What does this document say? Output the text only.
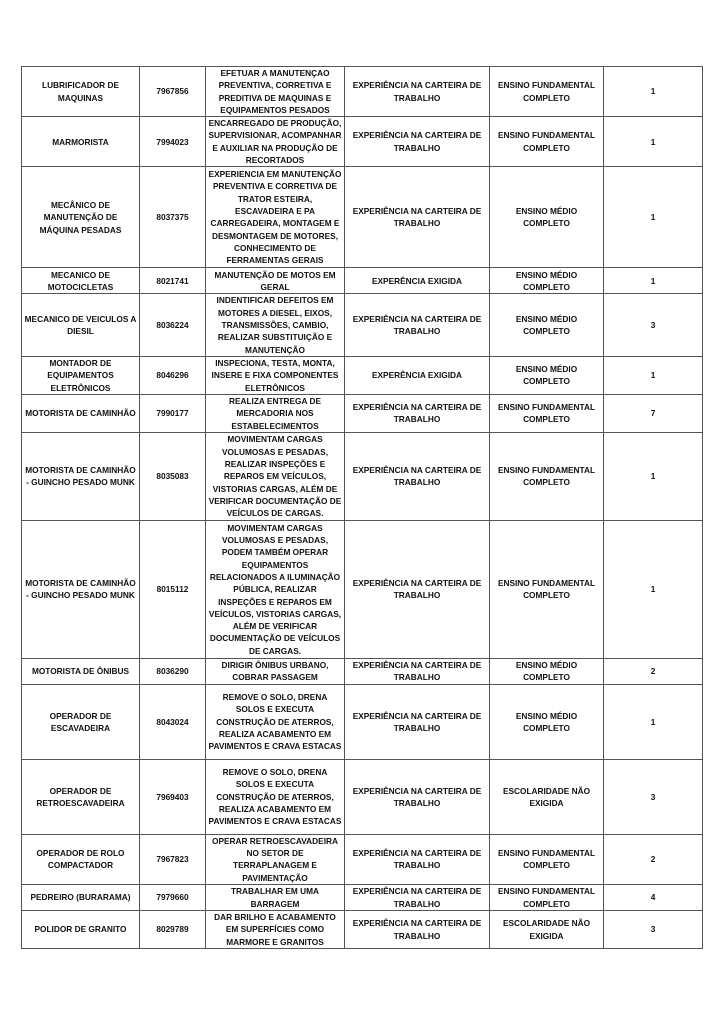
LUBRIFICADOR DE MAQUINAS	7967856	EFETUAR A MANUTENÇAO PREVENTIVA, CORRETIVA E PREDITIVA DE MAQUINAS E EQUIPAMENTOS PESADOS	EXPERIÊNCIA NA CARTEIRA DE TRABALHO	ENSINO FUNDAMENTAL COMPLETO	1
MARMORISTA	7994023	ENCARREGADO DE PRODUÇÃO, SUPERVISIONAR, ACOMPANHAR E AUXILIAR NA PRODUÇÃO DE RECORTADOS	EXPERIÊNCIA NA CARTEIRA DE TRABALHO	ENSINO FUNDAMENTAL COMPLETO	1
MECÂNICO DE MANUTENÇÃO DE MÁQUINA PESADAS	8037375	EXPERIENCIA EM MANUTENÇÃO PREVENTIVA E CORRETIVA DE TRATOR ESTEIRA, ESCAVADEIRA E PA CARREGADEIRA, MONTAGEM E DESMONTAGEM DE MOTORES, CONHECIMENTO DE FERRAMENTAS GERAIS	EXPERIÊNCIA NA CARTEIRA DE TRABALHO	ENSINO MÉDIO COMPLETO	1
MECANICO DE MOTOCICLETAS	8021741	MANUTENÇÃO DE MOTOS EM GERAL	EXPERÊNCIA EXIGIDA	ENSINO MÉDIO COMPLETO	1
MECANICO DE VEICULOS A DIESIL	8036224	INDENTIFICAR DEFEITOS EM MOTORES A DIESEL, EIXOS, TRANSMISSÕES, CAMBIO, REALIZAR SUBSTITUIÇÃO E MANUTENÇÃO	EXPERIÊNCIA NA CARTEIRA DE TRABALHO	ENSINO MÉDIO COMPLETO	3
MONTADOR DE EQUIPAMENTOS ELETRÔNICOS	8046296	INSPECIONA, TESTA, MONTA, INSERE E FIXA COMPONENTES ELETRÔNICOS	EXPERÊNCIA EXIGIDA	ENSINO MÉDIO COMPLETO	1
MOTORISTA DE CAMINHÃO	7990177	REALIZA ENTREGA DE MERCADORIA NOS ESTABELECIMENTOS	EXPERIÊNCIA NA CARTEIRA DE TRABALHO	ENSINO FUNDAMENTAL COMPLETO	7
MOTORISTA DE CAMINHÃO - GUINCHO PESADO MUNK	8035083	MOVIMENTAM CARGAS VOLUMOSAS E PESADAS, REALIZAR INSPEÇÕES E REPAROS EM VEÍCULOS, VISTORIAS CARGAS, ALÉM DE VERIFICAR DOCUMENTAÇÃO DE VEÍCULOS DE CARGAS.	EXPERIÊNCIA NA CARTEIRA DE TRABALHO	ENSINO FUNDAMENTAL COMPLETO	1
MOTORISTA DE CAMINHÃO - GUINCHO PESADO MUNK	8015112	MOVIMENTAM CARGAS VOLUMOSAS E PESADAS, PODEM TAMBÉM OPERAR EQUIPAMENTOS RELACIONADOS A ILUMINAÇÃO PÚBLICA, REALIZAR INSPEÇÕES E REPAROS EM VEÍCULOS, VISTORIAS CARGAS, ALÉM DE VERIFICAR DOCUMENTAÇÃO DE VEÍCULOS DE CARGAS.	EXPERIÊNCIA NA CARTEIRA DE TRABALHO	ENSINO FUNDAMENTAL COMPLETO	1
MOTORISTA DE ÔNIBUS	8036290	DIRIGIR ÔNIBUS URBANO, COBRAR PASSAGEM	EXPERIÊNCIA NA CARTEIRA DE TRABALHO	ENSINO MÉDIO COMPLETO	2
OPERADOR DE ESCAVADEIRA	8043024	REMOVE O SOLO, DRENA SOLOS E EXECUTA CONSTRUÇÃO DE ATERROS, REALIZA ACABAMENTO EM PAVIMENTOS E CRAVA ESTACAS	EXPERIÊNCIA NA CARTEIRA DE TRABALHO	ENSINO MÉDIO COMPLETO	1
OPERADOR DE RETROESCAVADEIRA	7969403	REMOVE O SOLO, DRENA SOLOS E EXECUTA CONSTRUÇÃO DE ATERROS, REALIZA ACABAMENTO EM PAVIMENTOS E CRAVA ESTACAS	EXPERIÊNCIA NA CARTEIRA DE TRABALHO	ESCOLARIDADE NÃO EXIGIDA	3
OPERADOR DE ROLO COMPACTADOR	7967823	OPERAR RETROESCAVADEIRA NO SETOR DE TERRAPLANAGEM E PAVIMENTAÇÃO	EXPERIÊNCIA NA CARTEIRA DE TRABALHO	ENSINO FUNDAMENTAL COMPLETO	2
PEDREIRO (BURARAMA)	7979660	TRABALHAR EM UMA BARRAGEM	EXPERIÊNCIA NA CARTEIRA DE TRABALHO	ENSINO FUNDAMENTAL COMPLETO	4
POLIDOR DE GRANITO	8029789	DAR BRILHO E ACABAMENTO EM SUPERFÍCIES COMO MARMORE E GRANITOS	EXPERIÊNCIA NA CARTEIRA DE TRABALHO	ESCOLARIDADE NÃO EXIGIDA	3
